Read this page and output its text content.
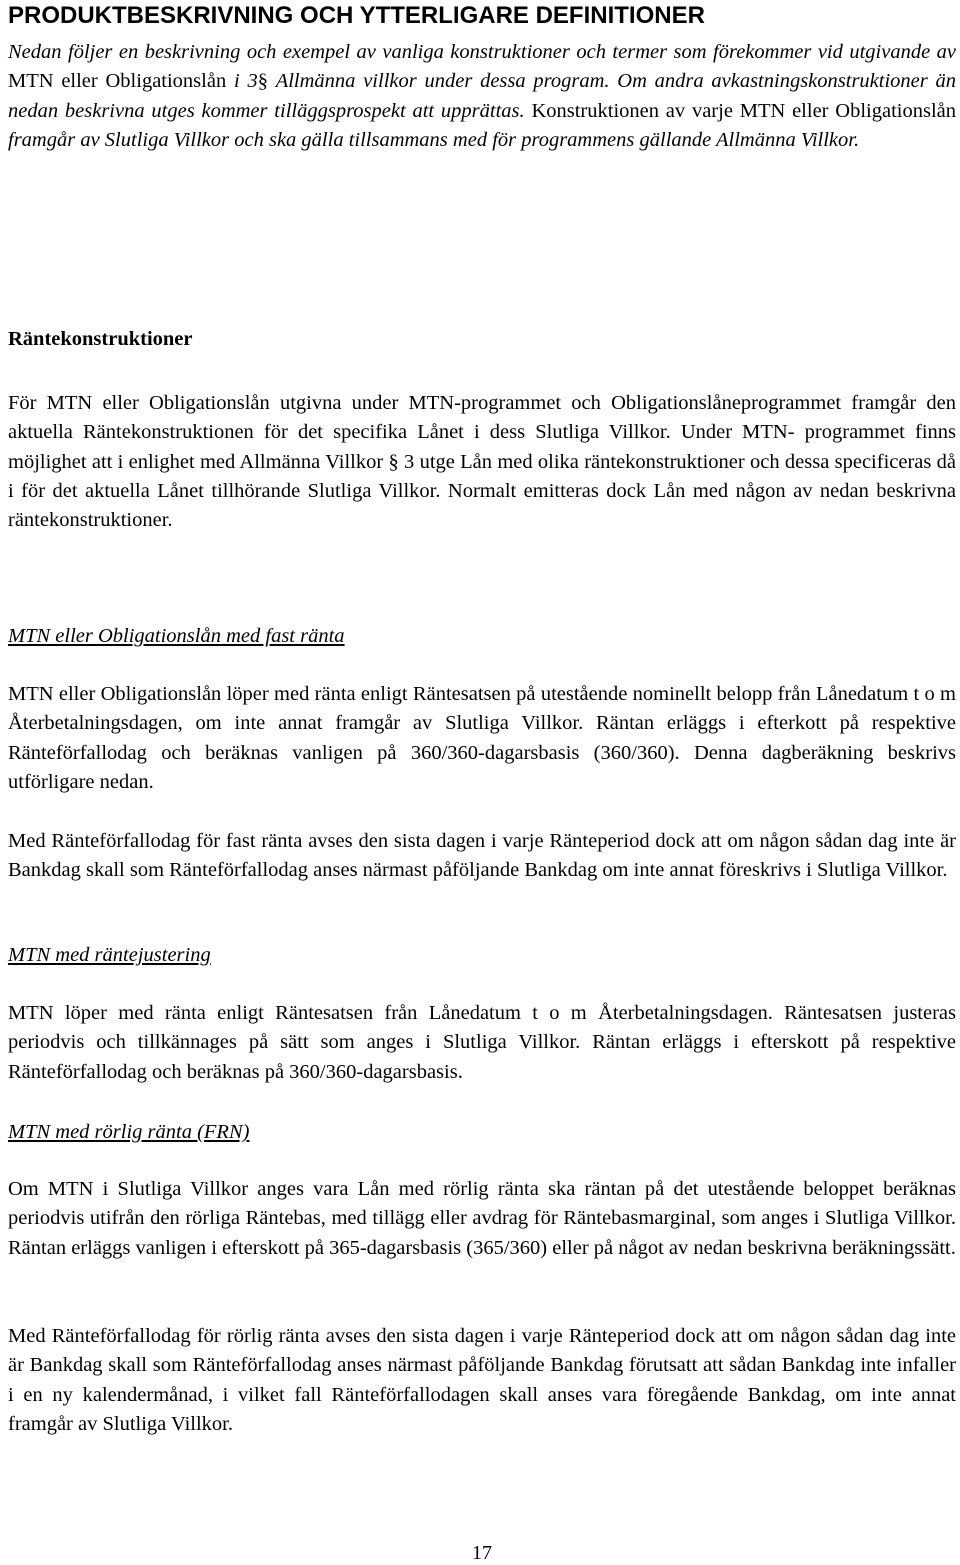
PRODUKTBESKRIVNING OCH YTTERLIGARE DEFINITIONER
Nedan följer en beskrivning och exempel av vanliga konstruktioner och termer som förekommer vid utgivande av MTN eller Obligationslån i 3§ Allmänna villkor under dessa program. Om andra avkastningskonstruktioner än nedan beskrivna utges kommer tilläggsprospekt att upprättas. Konstruktionen av varje MTN eller Obligationslån framgår av Slutliga Villkor och ska gälla tillsammans med för programmens gällande Allmänna Villkor.
Räntekonstruktioner
För MTN eller Obligationslån utgivna under MTN-programmet och Obligationslåneprogrammet framgår den aktuella Räntekonstruktionen för det specifika Lånet i dess Slutliga Villkor. Under MTN- programmet finns möjlighet att i enlighet med Allmänna Villkor § 3 utge Lån med olika räntekonstruktioner och dessa specificeras då i för det aktuella Lånet tillhörande Slutliga Villkor. Normalt emitteras dock Lån med någon av nedan beskrivna räntekonstruktioner.
MTN eller Obligationslån med fast ränta
MTN eller Obligationslån löper med ränta enligt Räntesatsen på utestående nominellt belopp från Lånedatum t o m Återbetalningsdagen, om inte annat framgår av Slutliga Villkor. Räntan erläggs i efterkott på respektive Ränteförfallodag och beräknas vanligen på 360/360-dagarsbasis (360/360). Denna dagberäkning beskrivs utförligare nedan.
Med Ränteförfallodag för fast ränta avses den sista dagen i varje Ränteperiod dock att om någon sådan dag inte är Bankdag skall som Ränteförfallodag anses närmast påföljande Bankdag om inte annat föreskrivs i Slutliga Villkor.
MTN med räntejustering
MTN löper med ränta enligt Räntesatsen från Lånedatum t o m Återbetalningsdagen. Räntesatsen justeras periodvis och tillkännages på sätt som anges i Slutliga Villkor. Räntan erläggs i efterskott på respektive Ränteförfallodag och beräknas på 360/360-dagarsbasis.
MTN med rörlig ränta (FRN)
Om MTN i Slutliga Villkor anges vara Lån med rörlig ränta ska räntan på det utestående beloppet beräknas periodvis utifrån den rörliga Räntebas, med tillägg eller avdrag för Räntebasmarginal, som anges i Slutliga Villkor. Räntan erläggs vanligen i efterskott på 365-dagarsbasis (365/360) eller på något av nedan beskrivna beräkningssätt.
Med Ränteförfallodag för rörlig ränta avses den sista dagen i varje Ränteperiod dock att om någon sådan dag inte är Bankdag skall som Ränteförfallodag anses närmast påföljande Bankdag förutsatt att sådan Bankdag inte infaller i en ny kalendermånad, i vilket fall Ränteförfallodagen skall anses vara föregående Bankdag, om inte annat framgår av Slutliga Villkor.
17
